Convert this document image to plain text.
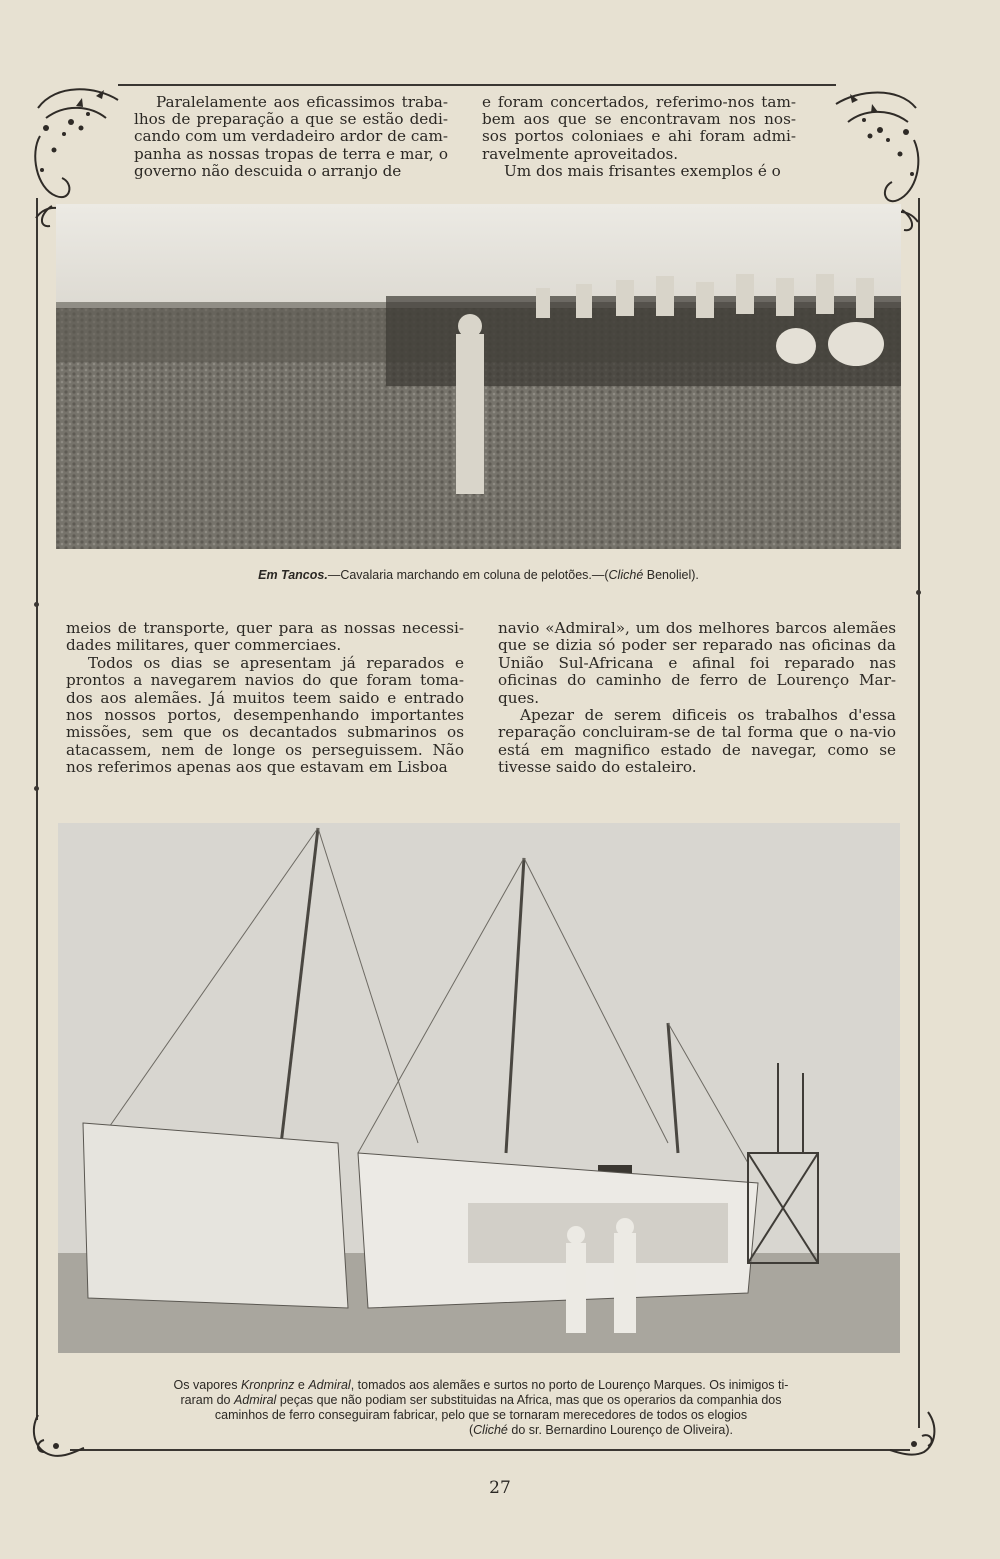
Paralelamente aos eficassimos traba-lhos de preparação a que se estão dedi-cando com um verdadeiro ardor de cam-panha as nossas tropas de terra e mar, o governo não descuida o arranjo de

e foram concertados, referimo-nos tam-bem aos que se encontravam nos nos-sos portos coloniaes e ahi foram admi-ravelmente aproveitados.

Um dos mais frisantes exemplos é o

Em Tancos.—Cavalaria marchando em coluna de pelotões.—(Cliché Benoliel).

meios de transporte, quer para as nossas necessi-dades militares, quer commerciaes.

Todos os dias se apresentam já reparados e prontos a navegarem navios do que foram toma-dos aos alemães. Já muitos teem saido e entrado nos nossos portos, desempenhando importantes missões, sem que os decantados submarinos os atacassem, nem de longe os perseguissem. Não nos referimos apenas aos que estavam em Lisboa

navio «Admiral», um dos melhores barcos alemães que se dizia só poder ser reparado nas oficinas da União Sul-Africana e afinal foi reparado nas oficinas do caminho de ferro de Lourenço Mar-ques.

Apezar de serem dificeis os trabalhos d'essa reparação concluiram-se de tal forma que o na-vio está em magnifico estado de navegar, como se tivesse saido do estaleiro.

Os vapores Kronprinz e Admiral, tomados aos alemães e surtos no porto de Lourenço Marques. Os inimigos ti-
raram do Admiral peças que não podiam ser substituidas na Africa, mas que os operarios da companhia dos
caminhos de ferro conseguiram fabricar, pelo que se tornaram merecedores de todos os elogios
(Cliché do sr. Bernardino Lourenço de Oliveira).
27
